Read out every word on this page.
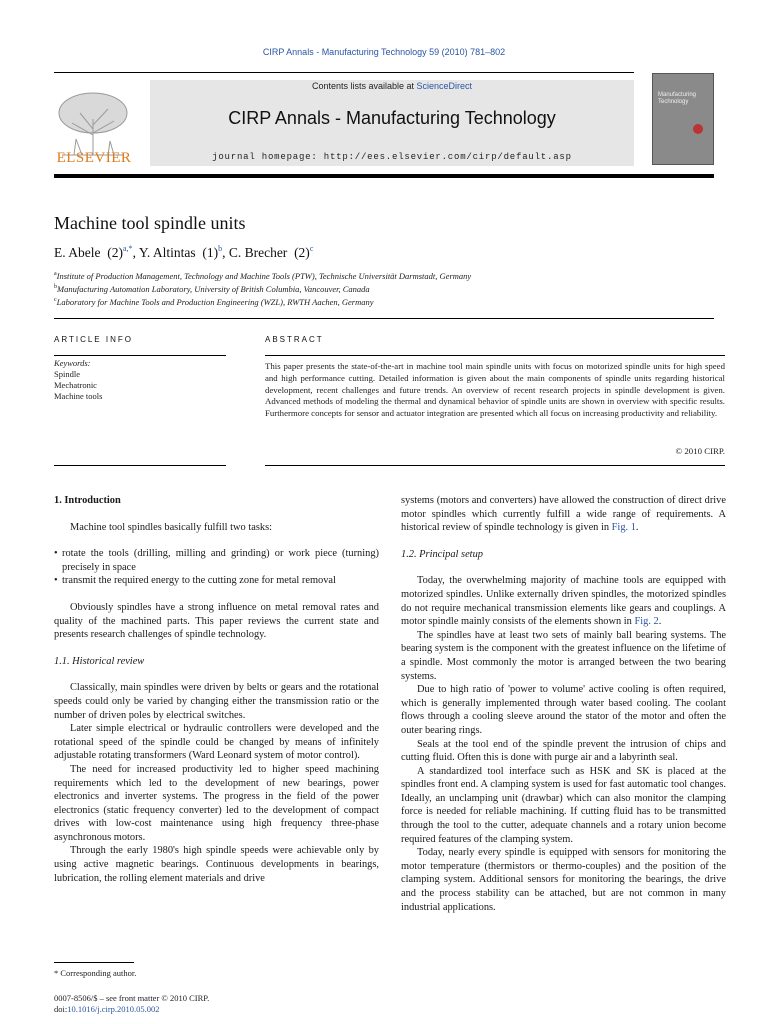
CIRP Annals - Manufacturing Technology 59 (2010) 781–802
ELSEVIER
Contents lists available at ScienceDirect
CIRP Annals - Manufacturing Technology
journal homepage: http://ees.elsevier.com/cirp/default.asp
Manufacturing Technology
Machine tool spindle units
E. Abele $(2)^{a,*}$, Y. Altintas $(1)^b$, C. Brecher $(2)^c$
$^a$Institute of Production Management, Technology and Machine Tools (PTW), Technische Universität Darmstadt, Germany
$^b$Manufacturing Automation Laboratory, University of British Columbia, Vancouver, Canada
$^c$Laboratory for Machine Tools and Production Engineering (WZL), RWTH Aachen, Germany
ARTICLE INFO	ABSTRACT
Keywords:
Spindle
Mechatronic
Machine tools
This paper presents the state-of-the-art in machine tool main spindle units with focus on motorized spindle units for high speed and high performance cutting. Detailed information is given about the main components of spindle units regarding historical development, recent challenges and future trends. An overview of recent research projects in spindle development is given. Advanced methods of modeling the thermal and dynamical behavior of spindle units are shown in overview with specific results. Furthermore concepts for sensor and actuator integration are presented which all focus on increasing productivity and reliability.
© 2010 CIRP.
1. Introduction

Machine tool spindles basically fulfill two tasks:

• rotate the tools (drilling, milling and grinding) or work piece (turning) precisely in space
• transmit the required energy to the cutting zone for metal removal

Obviously spindles have a strong influence on metal removal rates and quality of the machined parts. This paper reviews the current state and presents research challenges of spindle technology.

1.1. Historical review

Classically, main spindles were driven by belts or gears and the rotational speeds could only be varied by changing either the transmission ratio or the number of driven poles by electrical switches.

Later simple electrical or hydraulic controllers were developed and the rotational speed of the spindle could be changed by means of infinitely adjustable rotating transformers (Ward Leonard system of motor control).

The need for increased productivity led to higher speed machining requirements which led to the development of new bearings, power electronics and inverter systems. The progress in the field of the power electronics (static frequency converter) led to the development of compact drives with low-cost maintenance using high frequency three-phase asynchronous motors.

Through the early 1980's high spindle speeds were achievable only by using active magnetic bearings. Continuous developments in bearings, lubrication, the rolling element materials and drive

systems (motors and converters) have allowed the construction of direct drive motor spindles which currently fulfill a wide range of requirements. A historical review of spindle technology is given in Fig. 1.

1.2. Principal setup

Today, the overwhelming majority of machine tools are equipped with motorized spindles. Unlike externally driven spindles, the motorized spindles do not require mechanical transmission elements like gears and couplings. A motor spindle mainly consists of the elements shown in Fig. 2.

The spindles have at least two sets of mainly ball bearing systems. The bearing system is the component with the greatest influence on the lifetime of a spindle. Most commonly the motor is arranged between the two bearing systems.

Due to high ratio of 'power to volume' active cooling is often required, which is generally implemented through water based cooling. The coolant flows through a cooling sleeve around the stator of the motor and often the outer bearing rings.

Seals at the tool end of the spindle prevent the intrusion of chips and cutting fluid. Often this is done with purge air and a labyrinth seal.

A standardized tool interface such as HSK and SK is placed at the spindles front end. A clamping system is used for fast automatic tool changes. Ideally, an unclamping unit (drawbar) which can also monitor the clamping force is needed for reliable machining. If cutting fluid has to be transmitted through the tool to the cutter, adequate channels and a rotary union become required features of the clamping system.

Today, nearly every spindle is equipped with sensors for monitoring the motor temperature (thermistors or thermo-couples) and the position of the clamping system. Additional sensors for monitoring the bearings, the drive and the process stability can be attached, but are not common in many industrial applications.

* Corresponding author.
0007-8506/$ – see front matter © 2010 CIRP.
doi:10.1016/j.cirp.2010.05.002
